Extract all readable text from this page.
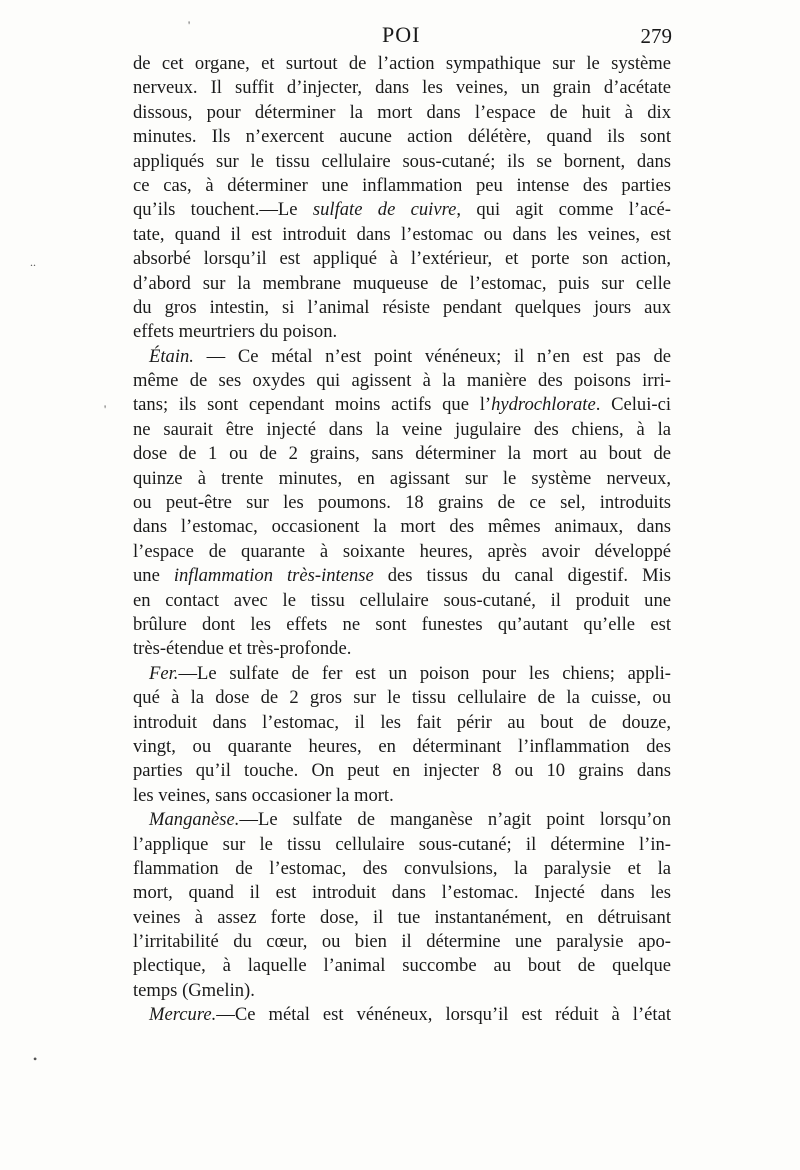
'
..
'
•
POI	279
de cet organe, et surtout de l’action sympathique sur le système
nerveux. Il suffit d’injecter, dans les veines, un grain d’acétate
dissous, pour déterminer la mort dans l’espace de huit à dix
minutes. Ils n’exercent aucune action délétère, quand ils sont
appliqués sur le tissu cellulaire sous-cutané; ils se bornent, dans
ce cas, à déterminer une inflammation peu intense des parties
qu’ils touchent.—Le sulfate de cuivre, qui agit comme l’acé-
tate, quand il est introduit dans l’estomac ou dans les veines, est
absorbé lorsqu’il est appliqué à l’extérieur, et porte son action,
d’abord sur la membrane muqueuse de l’estomac, puis sur celle
du gros intestin, si l’animal résiste pendant quelques jours aux
effets meurtriers du poison.
Étain. — Ce métal n’est point vénéneux; il n’en est pas de
même de ses oxydes qui agissent à la manière des poisons irri-
tans; ils sont cependant moins actifs que l’hydrochlorate. Celui-ci
ne saurait être injecté dans la veine jugulaire des chiens, à la
dose de 1 ou de 2 grains, sans déterminer la mort au bout de
quinze à trente minutes, en agissant sur le système nerveux,
ou peut-être sur les poumons. 18 grains de ce sel, introduits
dans l’estomac, occasionent la mort des mêmes animaux, dans
l’espace de quarante à soixante heures, après avoir développé
une inflammation très-intense des tissus du canal digestif. Mis
en contact avec le tissu cellulaire sous-cutané, il produit une
brûlure dont les effets ne sont funestes qu’autant qu’elle est
très-étendue et très-profonde.
Fer.—Le sulfate de fer est un poison pour les chiens; appli-
qué à la dose de 2 gros sur le tissu cellulaire de la cuisse, ou
introduit dans l’estomac, il les fait périr au bout de douze,
vingt, ou quarante heures, en déterminant l’inflammation des
parties qu’il touche. On peut en injecter 8 ou 10 grains dans
les veines, sans occasioner la mort.
Manganèse.—Le sulfate de manganèse n’agit point lorsqu’on
l’applique sur le tissu cellulaire sous-cutané; il détermine l’in-
flammation de l’estomac, des convulsions, la paralysie et la
mort, quand il est introduit dans l’estomac. Injecté dans les
veines à assez forte dose, il tue instantanément, en détruisant
l’irritabilité du cœur, ou bien il détermine une paralysie apo-
plectique, à laquelle l’animal succombe au bout de quelque
temps (Gmelin).
Mercure.—Ce métal est vénéneux, lorsqu’il est réduit à l’état
